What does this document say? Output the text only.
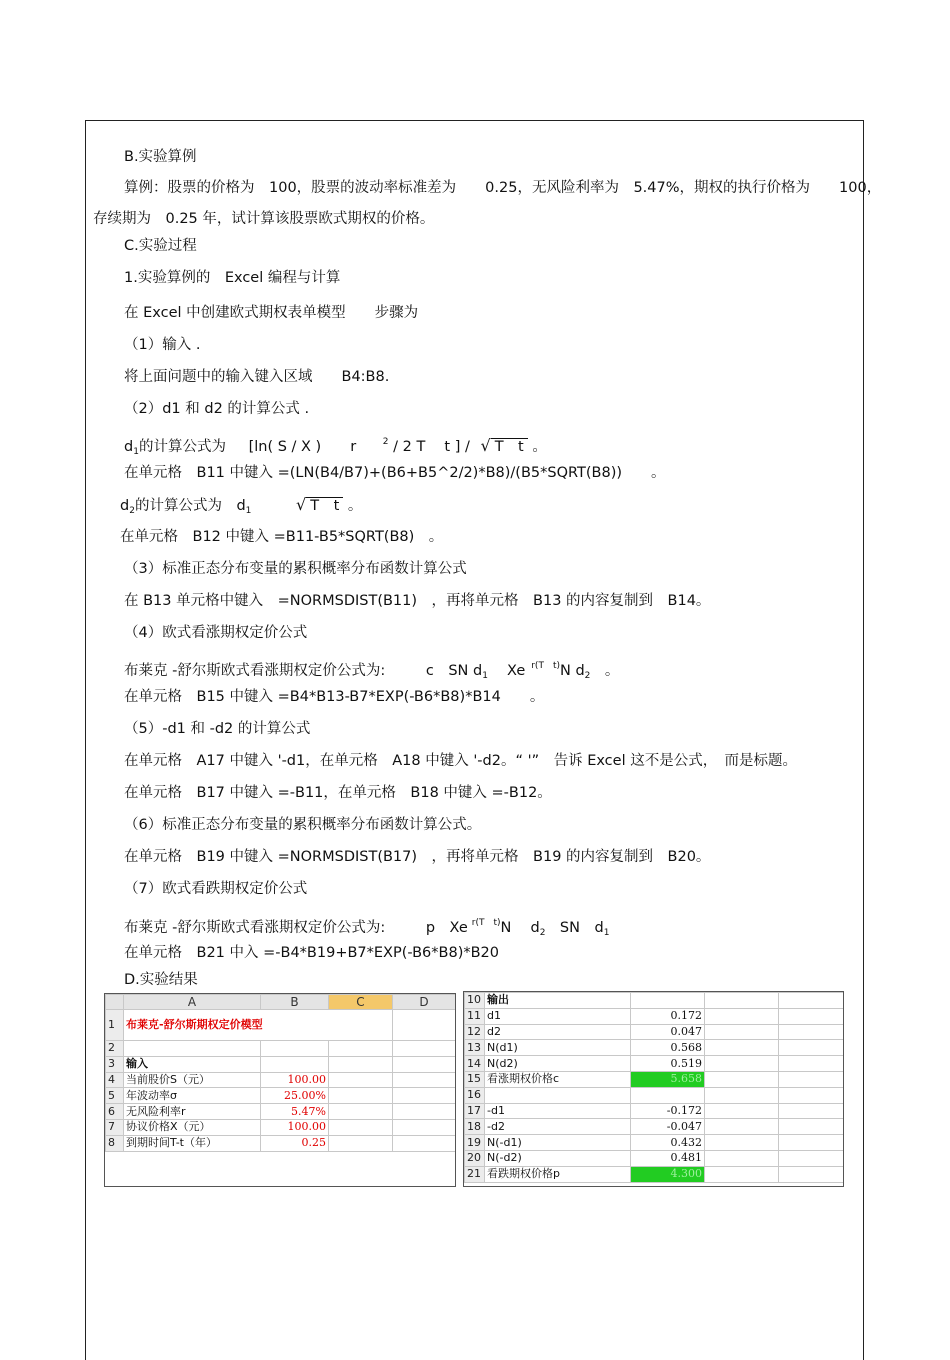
B.实验算例
算例：股票的价格为　100，股票的波动率标准差为　　0.25，无风险利率为　5.47%，期权的执行价格为　　100，
存续期为　0.25 年，试计算该股票欧式期权的价格。
C.实验过程
1.实验算例的　Excel 编程与计算
在 Excel 中创建欧式期权表单模型　　步骤为
（1）输入 .
将上面问题中的输入键入区域　　B4:B8.
（2）d1 和 d2 的计算公式 .
$d_1$的计算公式为 [ln( S / X )　　r	$^2$ / 2 T　 t ] / √ T　t 。
在单元格　B11 中键入 =(LN(B4/B7)+(B6+B5^2/2)*B8)/(B5*SQRT(B8))　　。
$d_2$的计算公式为　$d_1$	√ T　t 。
在单元格　B12 中键入 =B11-B5*SQRT(B8)　。
（3）标准正态分布变量的累积概率分布函数计算公式
在 B13 单元格中键入　=NORMSDIST(B11)　，再将单元格　B13 的内容复制到　B14。
（4）欧式看涨期权定价公式
布莱克 -舒尔斯欧式看涨期权定价公式为:	c　SN $d_1$ 　Xe $^{r(T t)}$N $d_2$　。
在单元格　B15 中键入 =B4*B13-B7*EXP(-B6*B8)*B14　　。
（5）-d1 和 -d2 的计算公式
在单元格　A17 中键入 '-d1，在单元格　A18 中键入 '-d2。“ '”　告诉 Excel 这不是公式，　而是标题。
在单元格　B17 中键入 =-B11，在单元格　B18 中键入 =-B12。
（6）标准正态分布变量的累积概率分布函数计算公式。
在单元格　B19 中键入 =NORMSDIST(B17)　，再将单元格　B19 的内容复制到　B20。
（7）欧式看跌期权定价公式
布莱克 -舒尔斯欧式看涨期权定价公式为:	p　Xe $^{r(T t)}$N　 $d_2$　SN　$d_1$
在单元格　B21 中入 =-B4*B19+B7*EXP(-B6*B8)*B20
D.实验结果
	A	B	C	D
1	布莱克-舒尔斯期权定价模型			
2				
3	输入			
4	当前股价S（元）	100.00		
5	年波动率σ	25.00%		
6	无风险利率r	5.47%		
7	协议价格X（元）	100.00		
8	到期时间T-t（年）	0.25		
10	输出			
11	d1	0.172		
12	d2	0.047		
13	N(d1)	0.568		
14	N(d2)	0.519		
15	看涨期权价格c	5.658		
16				
17	-d1	-0.172		
18	-d2	-0.047		
19	N(-d1)	0.432		
20	N(-d2)	0.481		
21	看跌期权价格p	4.300		
